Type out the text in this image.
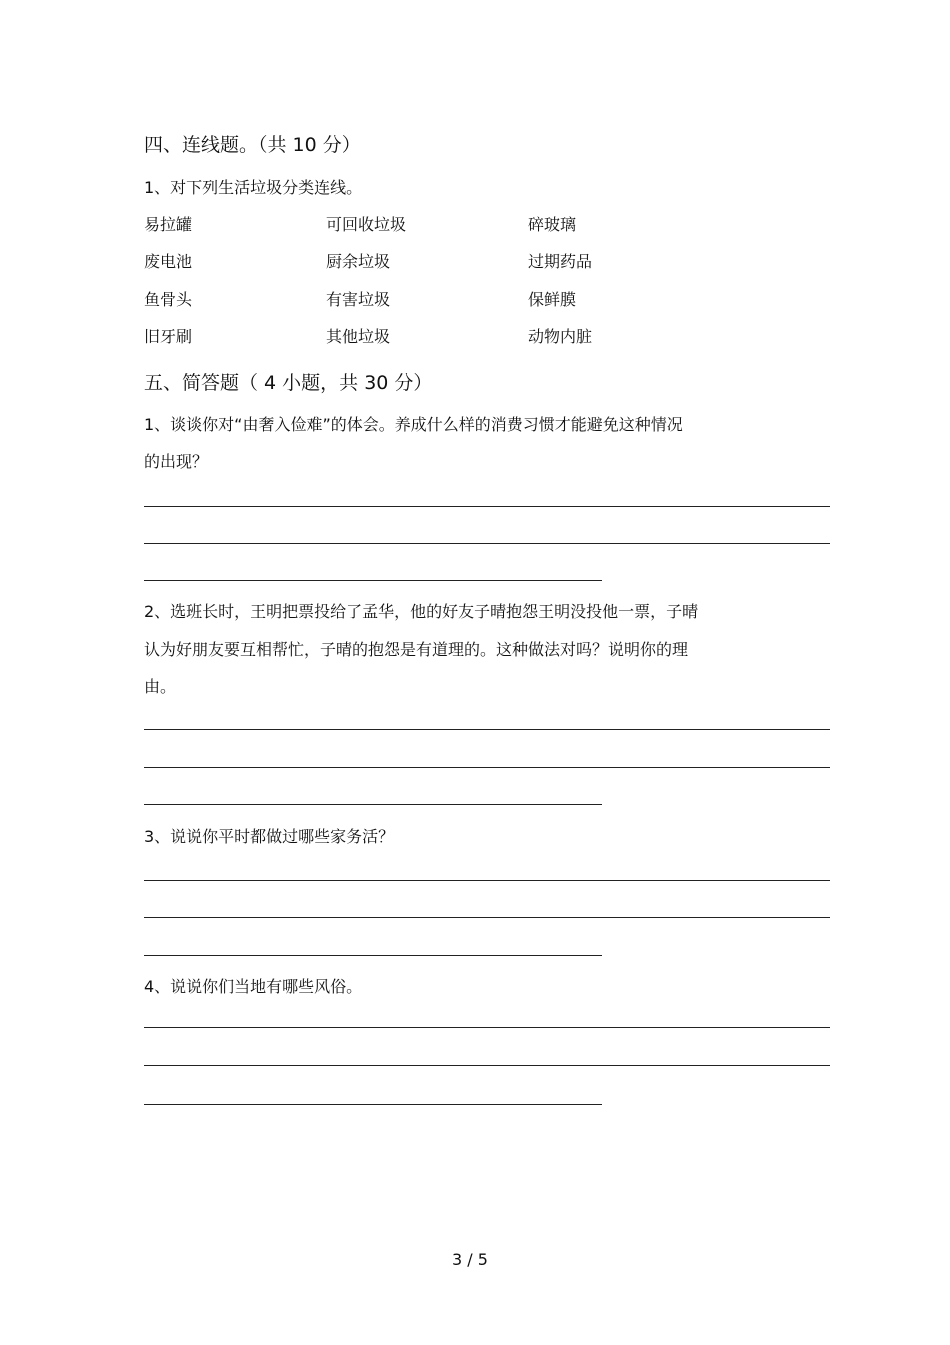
四、连线题。（共 10 分）
1、对下列生活垃圾分类连线。
易拉罐	可回收垃圾	碎玻璃
废电池	厨余垃圾	过期药品
鱼骨头	有害垃圾	保鲜膜
旧牙刷	其他垃圾	动物内脏
五、简答题（ 4 小题，共 30 分）
1、谈谈你对“由奢入俭难”的体会。养成什么样的消费习惯才能避免这种情况
的出现？
2、选班长时，王明把票投给了孟华，他的好友子晴抱怨王明没投他一票，子晴
认为好朋友要互相帮忙，子晴的抱怨是有道理的。这种做法对吗？说明你的理
由。
3、说说你平时都做过哪些家务活？
4、说说你们当地有哪些风俗。
3 / 5
